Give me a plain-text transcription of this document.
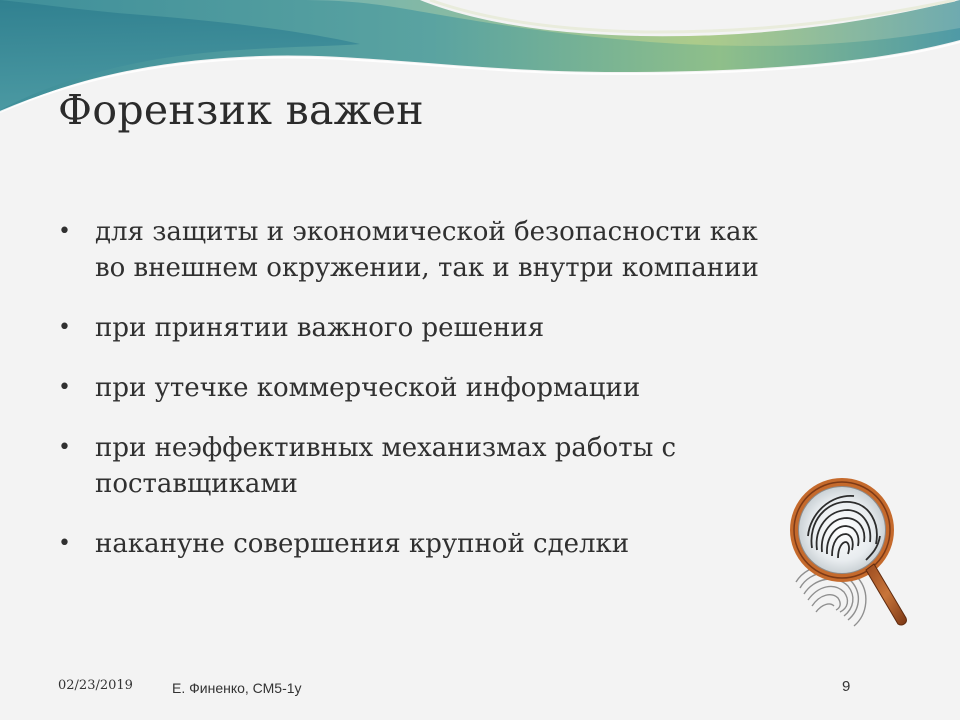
Форензик важен
• для защиты и экономической безопасности как во внешнем окружении, так и внутри компании
• при принятии важного решения
• при утечке коммерческой информации
• при неэффективных механизмах работы с поставщиками
• накануне совершения крупной сделки
02/23/2019	Е. Финенко, СМ5-1у	9
